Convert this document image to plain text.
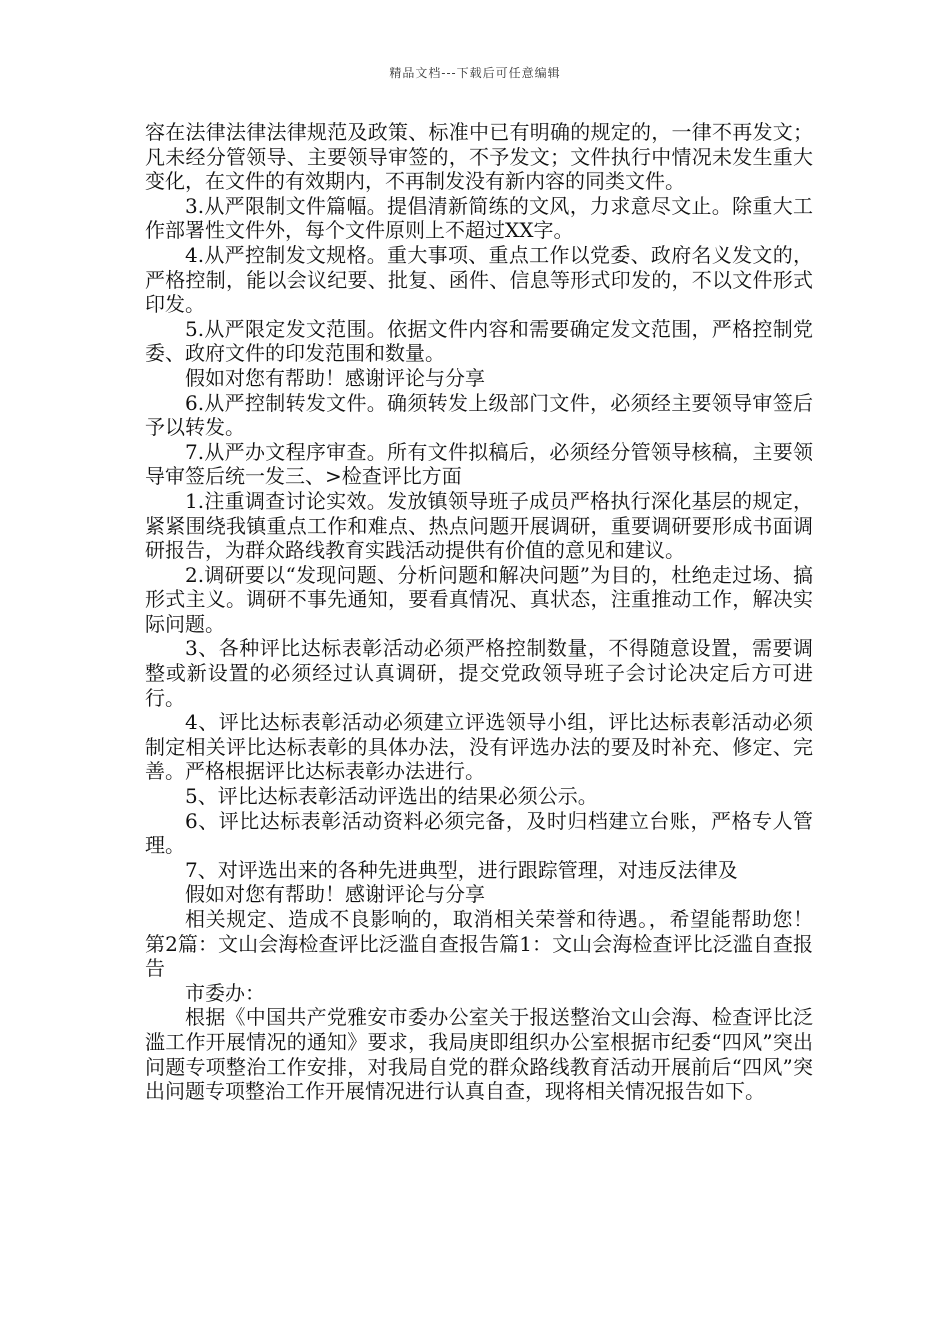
精品文档---下载后可任意编辑

容在法律法律法律规范及政策、标准中已有明确的规定的，一律不再发文；凡未经分管领导、主要领导审签的，不予发文；文件执行中情况未发生重大变化，在文件的有效期内，不再制发没有新内容的同类文件。

3.从严限制文件篇幅。提倡清新简练的文风，力求意尽文止。除重大工作部署性文件外，每个文件原则上不超过XX字。

4.从严控制发文规格。重大事项、重点工作以党委、政府名义发文的，严格控制，能以会议纪要、批复、函件、信息等形式印发的，不以文件形式印发。

5.从严限定发文范围。依据文件内容和需要确定发文范围，严格控制党委、政府文件的印发范围和数量。

假如对您有帮助！感谢评论与分享

6.从严控制转发文件。确须转发上级部门文件，必须经主要领导审签后予以转发。

7.从严办文程序审查。所有文件拟稿后，必须经分管领导核稿，主要领导审签后统一发三、>检查评比方面

1.注重调查讨论实效。发放镇领导班子成员严格执行深化基层的规定，紧紧围绕我镇重点工作和难点、热点问题开展调研，重要调研要形成书面调研报告，为群众路线教育实践活动提供有价值的意见和建议。

2.调研要以“发现问题、分析问题和解决问题”为目的，杜绝走过场、搞形式主义。调研不事先通知，要看真情况、真状态，注重推动工作，解决实际问题。

3、各种评比达标表彰活动必须严格控制数量，不得随意设置，需要调整或新设置的必须经过认真调研，提交党政领导班子会讨论决定后方可进行。

4、评比达标表彰活动必须建立评选领导小组，评比达标表彰活动必须制定相关评比达标表彰的具体办法，没有评选办法的要及时补充、修定、完善。严格根据评比达标表彰办法进行。

5、评比达标表彰活动评选出的结果必须公示。

6、评比达标表彰活动资料必须完备，及时归档建立台账，严格专人管理。

7、对评选出来的各种先进典型，进行跟踪管理，对违反法律及

假如对您有帮助！感谢评论与分享

相关规定、造成不良影响的，取消相关荣誉和待遇。，希望能帮助您！第2篇：文山会海检查评比泛滥自查报告篇1：文山会海检查评比泛滥自查报告

市委办：

根据《中国共产党雅安市委办公室关于报送整治文山会海、检查评比泛滥工作开展情况的通知》要求，我局庚即组织办公室根据市纪委“四风”突出问题专项整治工作安排，对我局自党的群众路线教育活动开展前后“四风”突出问题专项整治工作开展情况进行认真自查，现将相关情况报告如下。
